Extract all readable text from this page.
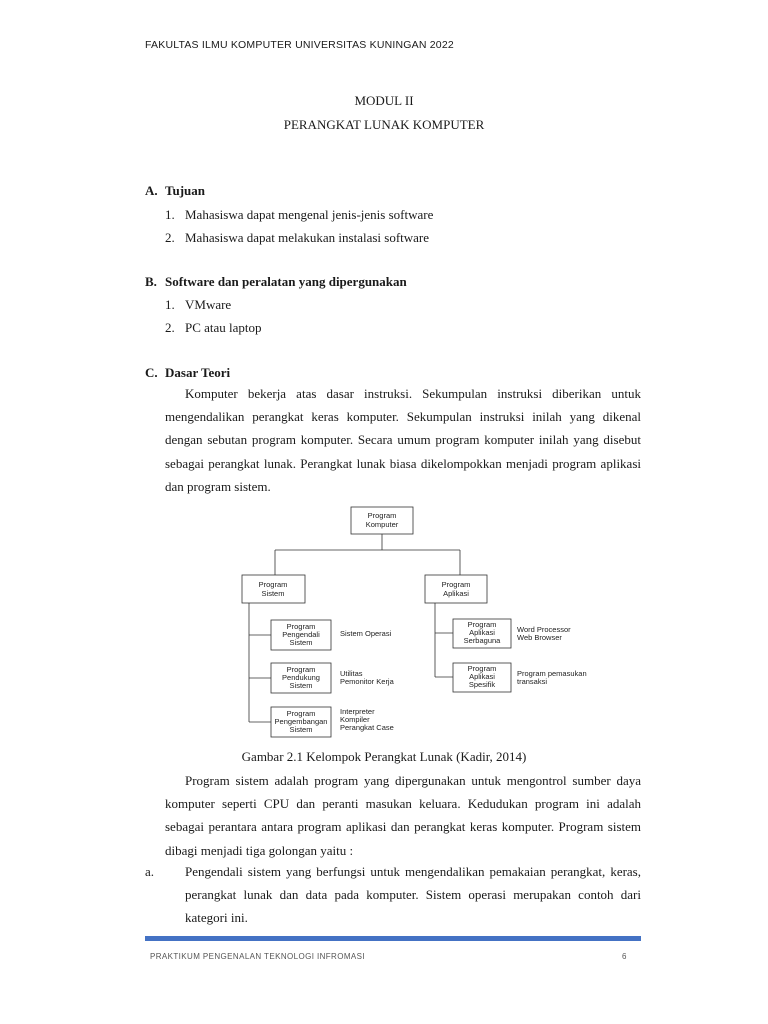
FAKULTAS ILMU KOMPUTER UNIVERSITAS KUNINGAN 2022
MODUL II
PERANGKAT LUNAK KOMPUTER
A. Tujuan
1. Mahasiswa dapat mengenal jenis-jenis software
2. Mahasiswa dapat melakukan instalasi software
B. Software dan peralatan yang dipergunakan
1. VMware
2. PC atau laptop
C. Dasar Teori

Komputer bekerja atas dasar instruksi. Sekumpulan instruksi diberikan untuk mengendalikan perangkat keras komputer. Sekumpulan instruksi inilah yang dikenal dengan sebutan program komputer. Secara umum program komputer inilah yang disebut sebagai perangkat lunak. Perangkat lunak biasa dikelompokkan menjadi program aplikasi dan program sistem.

Program
Komputer
Program
Sistem
Program
Aplikasi
Program
Pengendali
Sistem
Program
Pendukung
Sistem
Program
Pengembangan
Sistem
Program
Aplikasi
Serbaguna
Program
Aplikasi
Spesifik
Sistem Operasi
Utilitas
Pemonitor Kerja
Interpreter
Kompiler
Perangkat Case
Word Processor
Web Browser
Program pemasukan
transaksi
Gambar 2.1 Kelompok Perangkat Lunak (Kadir, 2014)

Program sistem adalah program yang dipergunakan untuk mengontrol sumber daya komputer seperti CPU dan peranti masukan keluara. Kedudukan program ini adalah sebagai perantara antara program aplikasi dan perangkat keras komputer. Program sistem dibagi menjadi tiga golongan yaitu :

a. Pengendali sistem yang berfungsi untuk mengendalikan pemakaian perangkat, keras, perangkat lunak dan data pada komputer. Sistem operasi merupakan contoh dari kategori ini.
PRAKTIKUM PENGENALAN TEKNOLOGI INFROMASI	6
